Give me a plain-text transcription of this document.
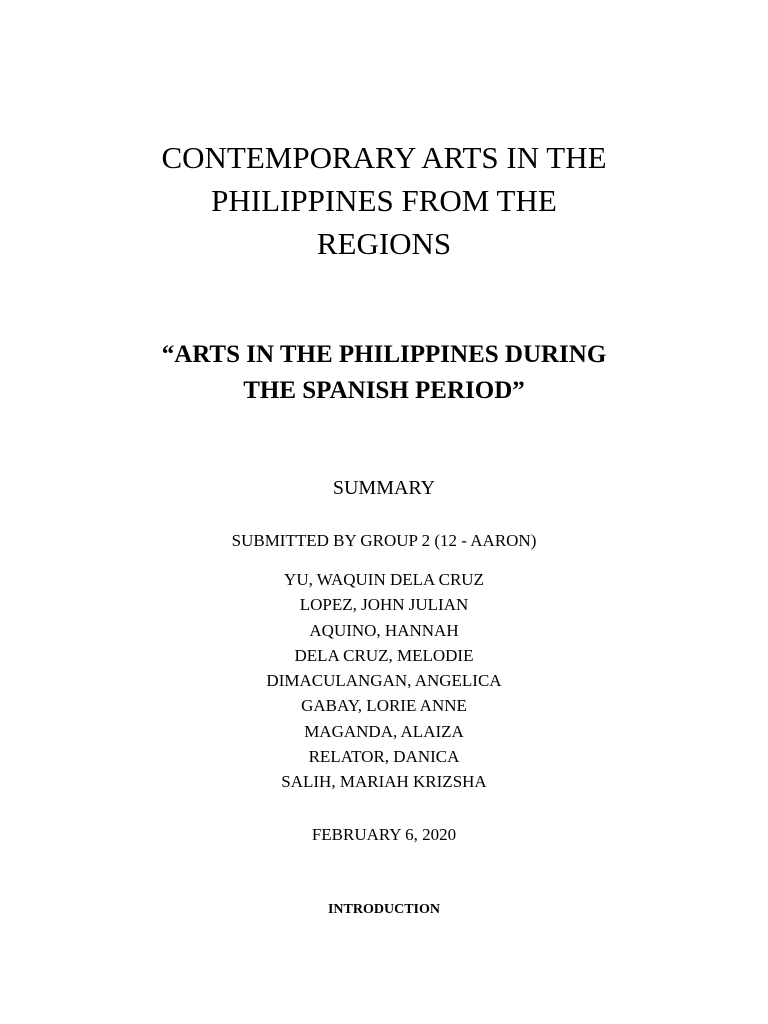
CONTEMPORARY ARTS IN THE
PHILIPPINES FROM THE
REGIONS
“ARTS IN THE PHILIPPINES DURING
THE SPANISH PERIOD”
SUMMARY
SUBMITTED BY GROUP 2 (12 - AARON)
YU, WAQUIN DELA CRUZ
LOPEZ, JOHN JULIAN
AQUINO, HANNAH
DELA CRUZ, MELODIE
DIMACULANGAN, ANGELICA
GABAY, LORIE ANNE
MAGANDA, ALAIZA
RELATOR, DANICA
SALIH, MARIAH KRIZSHA
FEBRUARY 6, 2020
INTRODUCTION
